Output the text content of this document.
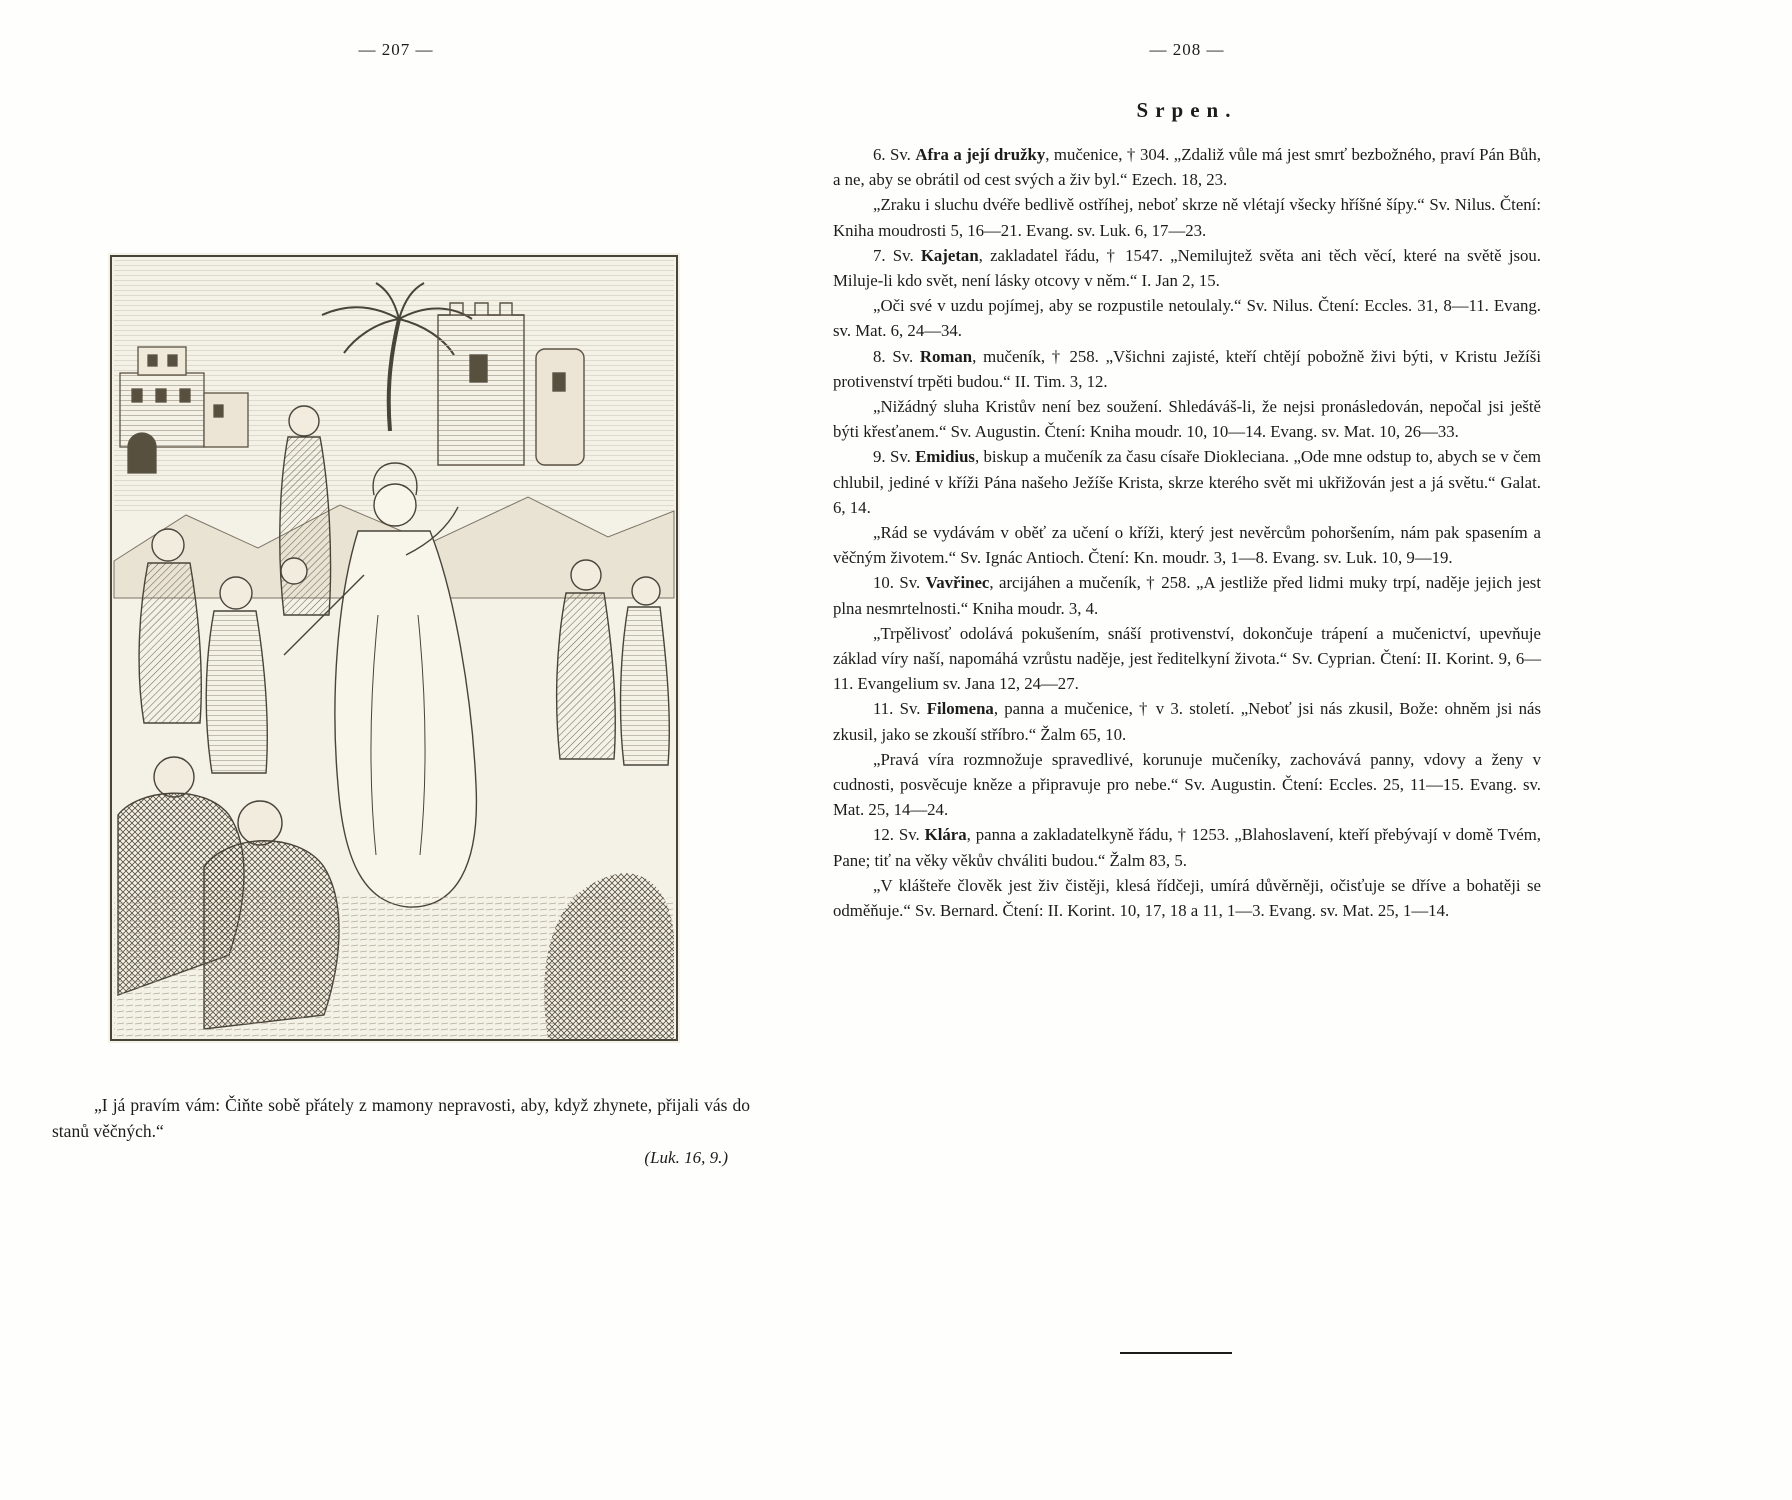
— 207 —

„I já pravím vám: Čiňte sobě přátely z mamony nepravosti, aby, když zhynete, přijali vás do stanů věčných.“

(Luk. 16, 9.)

— 208 —
Srpen.

6. Sv. Afra a její družky, mučenice, † 304. „Zdaliž vůle má jest smrť bezbožného, praví Pán Bůh, a ne, aby se obrátil od cest svých a živ byl.“ Ezech. 18, 23.

„Zraku i sluchu dvéře bedlivě ostříhej, neboť skrze ně vlétají všecky hříšné šípy.“ Sv. Nilus. Čtení: Kniha moudrosti 5, 16—21. Evang. sv. Luk. 6, 17—23.

7. Sv. Kajetan, zakladatel řádu, † 1547. „Nemilujtež světa ani těch věcí, které na světě jsou. Miluje-li kdo svět, není lásky otcovy v něm.“ I. Jan 2, 15.

„Oči své v uzdu pojímej, aby se rozpustile netoulaly.“ Sv. Nilus. Čtení: Eccles. 31, 8—11. Evang. sv. Mat. 6, 24—34.

8. Sv. Roman, mučeník, † 258. „Všichni zajisté, kteří chtějí pobožně živi býti, v Kristu Ježíši protivenství trpěti budou.“ II. Tim. 3, 12.

„Nižádný sluha Kristův není bez soužení. Shledáváš-li, že nejsi pronásledován, nepočal jsi ještě býti křesťanem.“ Sv. Augustin. Čtení: Kniha moudr. 10, 10—14. Evang. sv. Mat. 10, 26—33.

9. Sv. Emidius, biskup a mučeník za času císaře Diokleciana. „Ode mne odstup to, abych se v čem chlubil, jediné v kříži Pána našeho Ježíše Krista, skrze kterého svět mi ukřižován jest a já světu.“ Galat. 6, 14.

„Rád se vydávám v oběť za učení o kříži, který jest nevěrcům pohoršením, nám pak spasením a věčným životem.“ Sv. Ignác Antioch. Čtení: Kn. moudr. 3, 1—8. Evang. sv. Luk. 10, 9—19.

10. Sv. Vavřinec, arcijáhen a mučeník, † 258. „A jestliže před lidmi muky trpí, naděje jejich jest plna nesmrtelnosti.“ Kniha moudr. 3, 4.

„Trpělivosť odolává pokušením, snáší protivenství, dokončuje trápení a mučenictví, upevňuje základ víry naší, napomáhá vzrůstu naděje, jest ředitelkyní života.“ Sv. Cyprian. Čtení: II. Korint. 9, 6—11. Evangelium sv. Jana 12, 24—27.

11. Sv. Filomena, panna a mučenice, † v 3. století. „Neboť jsi nás zkusil, Bože: ohněm jsi nás zkusil, jako se zkouší stříbro.“ Žalm 65, 10.

„Pravá víra rozmnožuje spravedlivé, korunuje mučeníky, zachovává panny, vdovy a ženy v cudnosti, posvěcuje kněze a připravuje pro nebe.“ Sv. Augustin. Čtení: Eccles. 25, 11—15. Evang. sv. Mat. 25, 14—24.

12. Sv. Klára, panna a zakladatelkyně řádu, † 1253. „Blahoslavení, kteří přebývají v domě Tvém, Pane; tiť na věky věkův chváliti budou.“ Žalm 83, 5.

„V klášteře člověk jest živ čistěji, klesá řídčeji, umírá důvěrněji, očisťuje se dříve a bohatěji se odměňuje.“ Sv. Bernard. Čtení: II. Korint. 10, 17, 18 a 11, 1—3. Evang. sv. Mat. 25, 1—14.
